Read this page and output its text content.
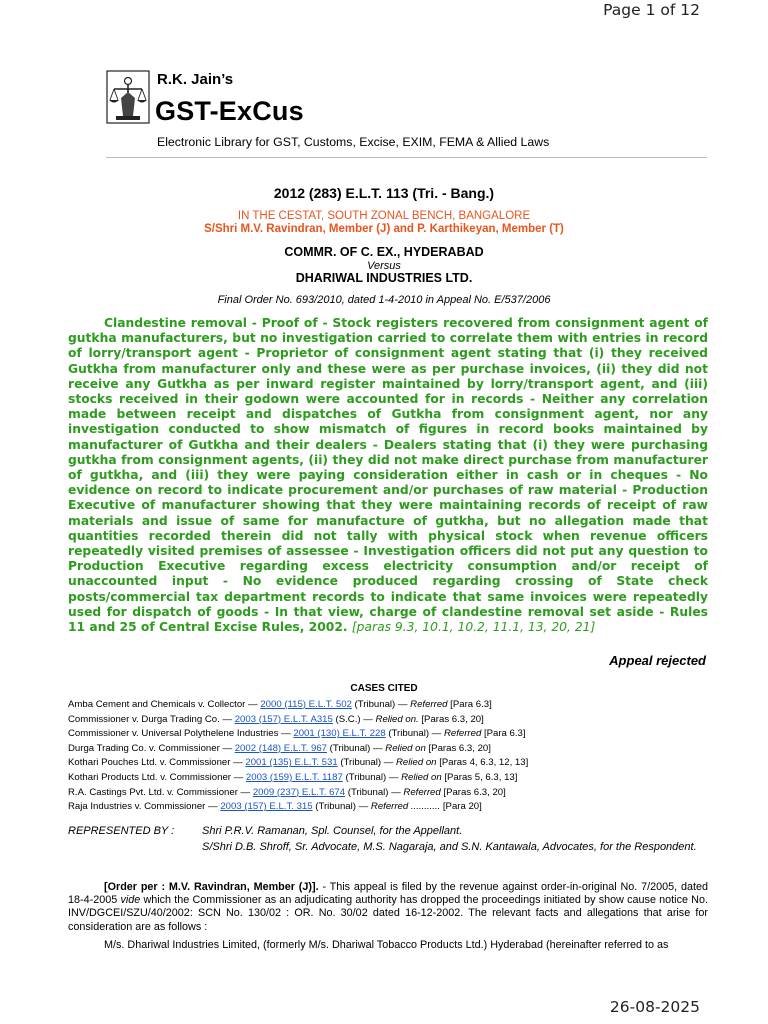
Page 1 of 12
R.K. Jain’s
GST-ExCus
Electronic Library for GST, Customs, Excise, EXIM, FEMA & Allied Laws
2012 (283) E.L.T. 113 (Tri. - Bang.)
IN THE CESTAT, SOUTH ZONAL BENCH, BANGALORE
S/Shri M.V. Ravindran, Member (J) and P. Karthikeyan, Member (T)
COMMR. OF C. EX., HYDERABAD
Versus
DHARIWAL INDUSTRIES LTD.
Final Order No. 693/2010, dated 1-4-2010 in Appeal No. E/537/2006

Clandestine removal - Proof of - Stock registers recovered from consignment agent of gutkha manufacturers, but no investigation carried to correlate them with entries in record of lorry/transport agent - Proprietor of consignment agent stating that (i) they received Gutkha from manufacturer only and these were as per purchase invoices, (ii) they did not receive any Gutkha as per inward register maintained by lorry/transport agent, and (iii) stocks received in their godown were accounted for in records - Neither any correlation made between receipt and dispatches of Gutkha from consignment agent, nor any investigation conducted to show mismatch of figures in record books maintained by manufacturer of Gutkha and their dealers - Dealers stating that (i) they were purchasing gutkha from consignment agents, (ii) they did not make direct purchase from manufacturer of gutkha, and (iii) they were paying consideration either in cash or in cheques - No evidence on record to indicate procurement and/or purchases of raw material - Production Executive of manufacturer showing that they were maintaining records of receipt of raw materials and issue of same for manufacture of gutkha, but no allegation made that quantities recorded therein did not tally with physical stock when revenue officers repeatedly visited premises of assessee - Investigation officers did not put any question to Production Executive regarding excess electricity consumption and/or receipt of unaccounted input - No evidence produced regarding crossing of State check posts/commercial tax department records to indicate that same invoices were repeatedly used for dispatch of goods - In that view, charge of clandestine removal set aside - Rules 11 and 25 of Central Excise Rules, 2002. [paras 9.3, 10.1, 10.2, 11.1, 13, 20, 21]

Appeal rejected
CASES CITED
Amba Cement and Chemicals v. Collector — 2000 (115) E.L.T. 502 (Tribunal) — Referred [Para 6.3]
Commissioner v. Durga Trading Co. — 2003 (157) E.L.T. A315 (S.C.) — Relied on. [Paras 6.3, 20]
Commissioner v. Universal Polythelene Industries — 2001 (130) E.L.T. 228 (Tribunal) — Referred [Para 6.3]
Durga Trading Co. v. Commissioner — 2002 (148) E.L.T. 967 (Tribunal) — Relied on [Paras 6.3, 20]
Kothari Pouches Ltd. v. Commissioner — 2001 (135) E.L.T. 531 (Tribunal) — Relied on [Paras 4, 6.3, 12, 13]
Kothari Products Ltd. v. Commissioner — 2003 (159) E.L.T. 1187 (Tribunal) — Relied on [Paras 5, 6.3, 13]
R.A. Castings Pvt. Ltd. v. Commissioner — 2009 (237) E.L.T. 674 (Tribunal) — Referred [Paras 6.3, 20]
Raja Industries v. Commissioner — 2003 (157) E.L.T. 315 (Tribunal) — Referred ........... [Para 20]
REPRESENTED BY :	Shri P.R.V. Ramanan, Spl. Counsel, for the Appellant.
S/Shri D.B. Shroff, Sr. Advocate, M.S. Nagaraja, and S.N. Kantawala, Advocates, for the Respondent.

[Order per : M.V. Ravindran, Member (J)]. - This appeal is filed by the revenue against order-in-original No. 7/2005, dated 18-4-2005 vide which the Commissioner as an adjudicating authority has dropped the proceedings initiated by show cause notice No. INV/DGCEI/SZU/40/2002: SCN No. 130/02 : OR. No. 30/02 dated 16-12-2002. The relevant facts and allegations that arise for consideration are as follows :

M/s. Dhariwal Industries Limited, (formerly M/s. Dhariwal Tobacco Products Ltd.) Hyderabad (hereinafter referred to as

26-08-2025
